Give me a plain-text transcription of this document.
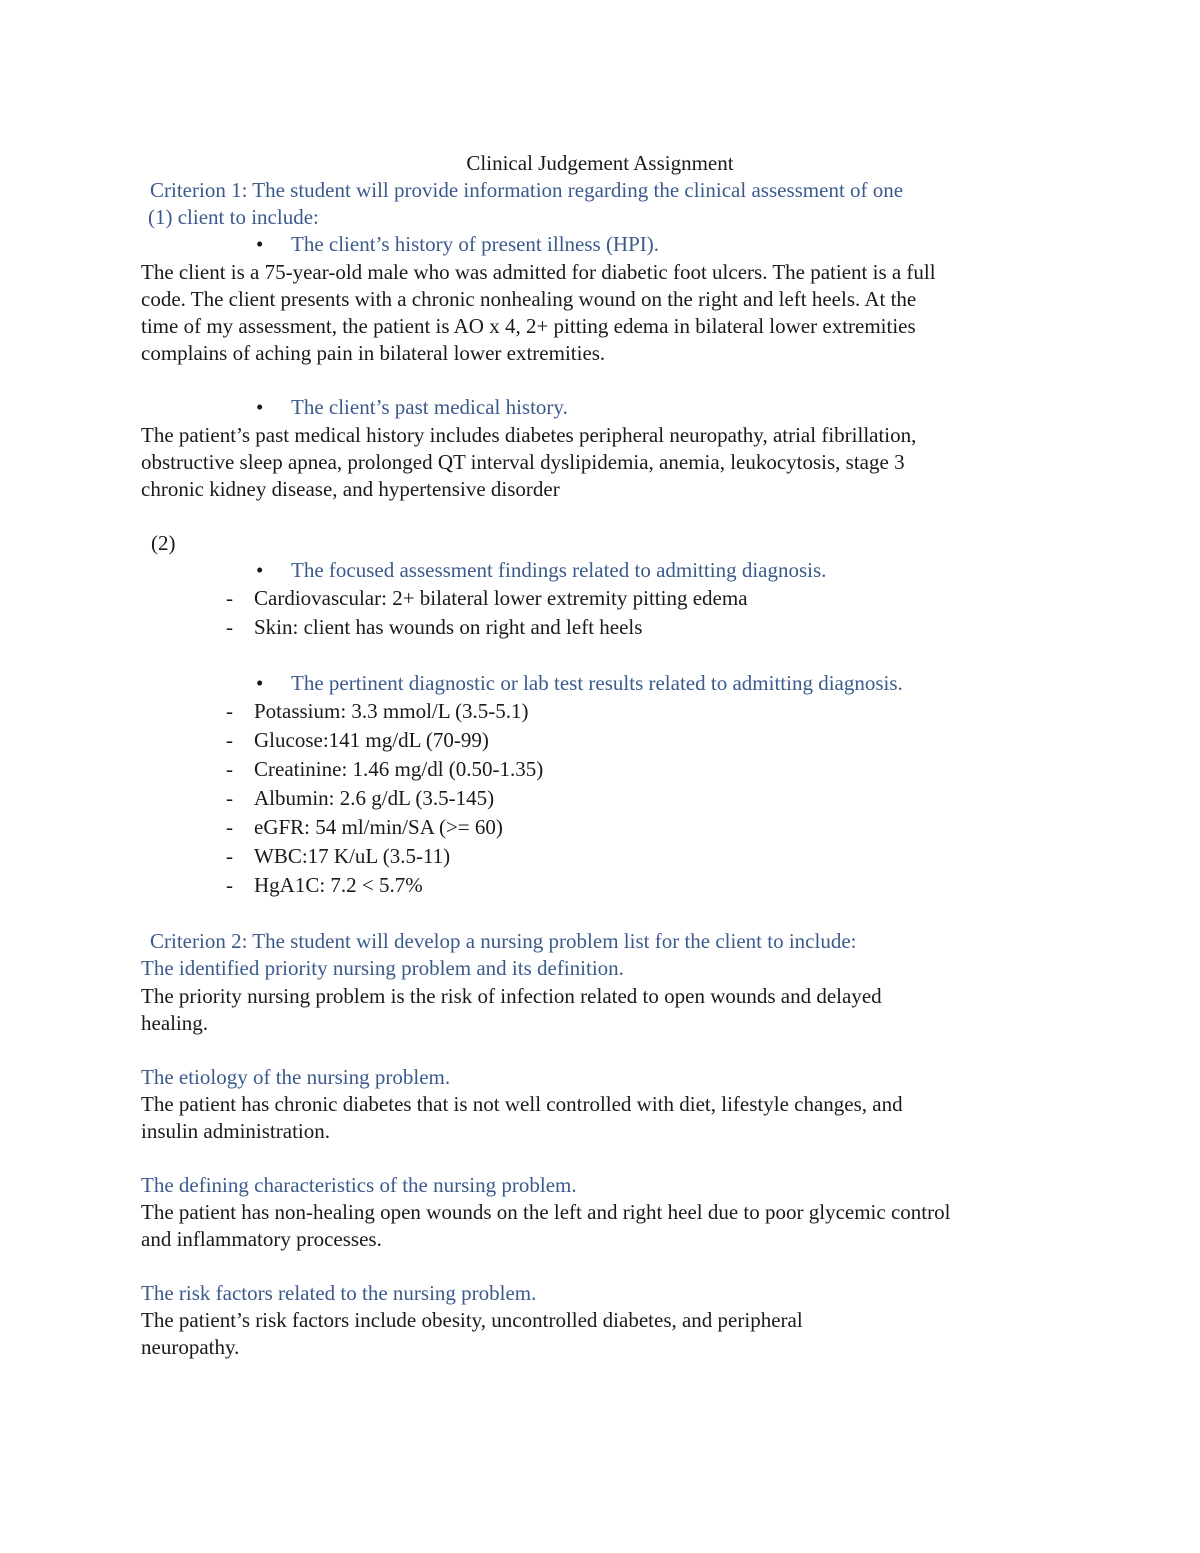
Clinical Judgement Assignment
Criterion 1: The student will provide information regarding the clinical assessment of one
(1) client to include:
• The client’s history of present illness (HPI).
The client is a 75-year-old male who was admitted for diabetic foot ulcers. The patient is a full
code. The client presents with a chronic nonhealing wound on the right and left heels. At the
time of my assessment, the patient is AO x 4, 2+ pitting edema in bilateral lower extremities
complains of aching pain in bilateral lower extremities.
• The client’s past medical history.
The patient’s past medical history includes diabetes peripheral neuropathy, atrial fibrillation,
obstructive sleep apnea, prolonged QT interval dyslipidemia, anemia, leukocytosis, stage 3
chronic kidney disease, and hypertensive disorder
(2)
• The focused assessment findings related to admitting diagnosis.
- Cardiovascular: 2+ bilateral lower extremity pitting edema
- Skin: client has wounds on right and left heels
• The pertinent diagnostic or lab test results related to admitting diagnosis.
- Potassium: 3.3 mmol/L (3.5-5.1)
- Glucose:141 mg/dL (70-99)
- Creatinine: 1.46 mg/dl (0.50-1.35)
- Albumin: 2.6 g/dL (3.5-145)
- eGFR: 54 ml/min/SA (>= 60)
- WBC:17 K/uL (3.5-11)
- HgA1C: 7.2 < 5.7%
Criterion 2: The student will develop a nursing problem list for the client to include:
The identified priority nursing problem and its definition.
The priority nursing problem is the risk of infection related to open wounds and delayed
healing.
The etiology of the nursing problem.
The patient has chronic diabetes that is not well controlled with diet, lifestyle changes, and
insulin administration.
The defining characteristics of the nursing problem.
The patient has non-healing open wounds on the left and right heel due to poor glycemic control
and inflammatory processes.
The risk factors related to the nursing problem.
The patient’s risk factors include obesity, uncontrolled diabetes, and peripheral
neuropathy.
